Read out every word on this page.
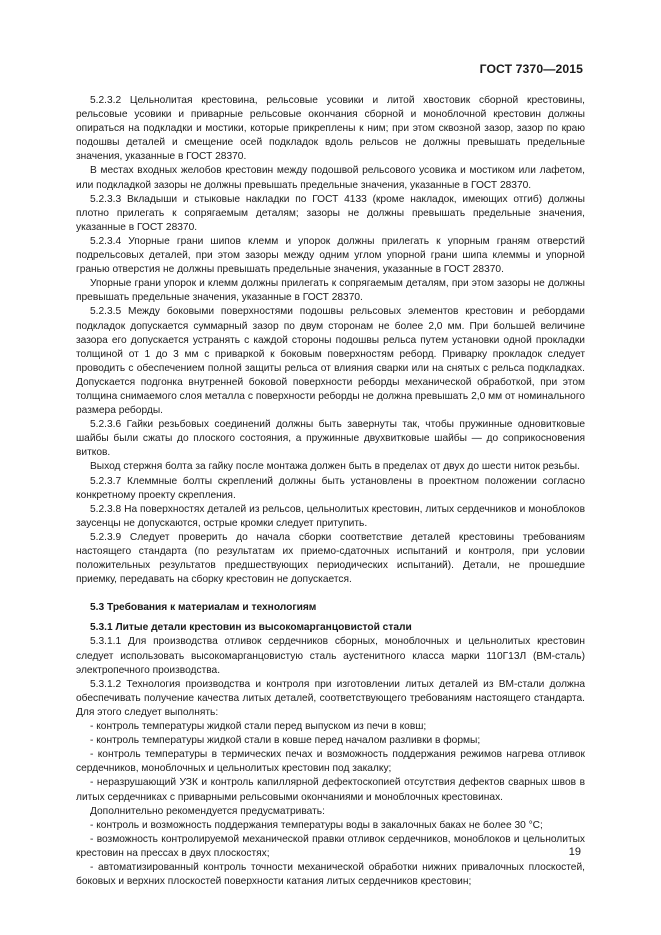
ГОСТ 7370—2015

5.2.3.2 Цельнолитая крестовина, рельсовые усовики и литой хвостовик сборной крестовины, рельсовые усовики и приварные рельсовые окончания сборной и моноблочной крестовин должны опираться на подкладки и мостики, которые прикреплены к ним; при этом сквозной зазор, зазор по краю подошвы деталей и смещение осей подкладок вдоль рельсов не должны превышать предельные значения, указанные в ГОСТ 28370.

В местах входных желобов крестовин между подошвой рельсового усовика и мостиком или лафетом, или подкладкой зазоры не должны превышать предельные значения, указанные в ГОСТ 28370.

5.2.3.3 Вкладыши и стыковые накладки по ГОСТ 4133 (кроме накладок, имеющих отгиб) должны плотно прилегать к сопрягаемым деталям; зазоры не должны превышать предельные значения, указанные в ГОСТ 28370.

5.2.3.4 Упорные грани шипов клемм и упорок должны прилегать к упорным граням отверстий подрельсовых деталей, при этом зазоры между одним углом упорной грани шипа клеммы и упорной гранью отверстия не должны превышать предельные значения, указанные в ГОСТ 28370.

Упорные грани упорок и клемм должны прилегать к сопрягаемым деталям, при этом зазоры не должны превышать предельные значения, указанные в ГОСТ 28370.

5.2.3.5 Между боковыми поверхностями подошвы рельсовых элементов крестовин и ребордами подкладок допускается суммарный зазор по двум сторонам не более 2,0 мм. При большей величине зазора его допускается устранять с каждой стороны подошвы рельса путем установки одной прокладки толщиной от 1 до 3 мм с приваркой к боковым поверхностям реборд. Приварку прокладок следует проводить с обеспечением полной защиты рельса от влияния сварки или на снятых с рельса подкладках. Допускается подгонка внутренней боковой поверхности реборды механической обработкой, при этом толщина снимаемого слоя металла с поверхности реборды не должна превышать 2,0 мм от номинального размера реборды.

5.2.3.6 Гайки резьбовых соединений должны быть завернуты так, чтобы пружинные одновитковые шайбы были сжаты до плоского состояния, а пружинные двухвитковые шайбы — до соприкосновения витков.

Выход стержня болта за гайку после монтажа должен быть в пределах от двух до шести ниток резьбы.

5.2.3.7 Клеммные болты скреплений должны быть установлены в проектном положении согласно конкретному проекту скрепления.

5.2.3.8 На поверхностях деталей из рельсов, цельнолитых крестовин, литых сердечников и моноблоков заусенцы не допускаются, острые кромки следует притупить.

5.2.3.9 Следует проверить до начала сборки соответствие деталей крестовины требованиям настоящего стандарта (по результатам их приемо-сдаточных испытаний и контроля, при условии положительных результатов предшествующих периодических испытаний). Детали, не прошедшие приемку, передавать на сборку крестовин не допускается.

5.3 Требования к материалам и технологиям
5.3.1 Литые детали крестовин из высокомарганцовистой стали

5.3.1.1 Для производства отливок сердечников сборных, моноблочных и цельнолитых крестовин следует использовать высокомарганцовистую сталь аустенитного класса марки 110Г13Л (ВМ-сталь) электропечного производства.

5.3.1.2 Технология производства и контроля при изготовлении литых деталей из ВМ-стали должна обеспечивать получение качества литых деталей, соответствующего требованиям настоящего стандарта. Для этого следует выполнять:

- контроль температуры жидкой стали перед выпуском из печи в ковш;

- контроль температуры жидкой стали в ковше перед началом разливки в формы;

- контроль температуры в термических печах и возможность поддержания режимов нагрева отливок сердечников, моноблочных и цельнолитых крестовин под закалку;

- неразрушающий УЗК и контроль капиллярной дефектоскопией отсутствия дефектов сварных швов в литых сердечниках с приварными рельсовыми окончаниями и моноблочных крестовинах.

Дополнительно рекомендуется предусматривать:

- контроль и возможность поддержания температуры воды в закалочных баках не более 30 °С;

- возможность контролируемой механической правки отливок сердечников, моноблоков и цельнолитых крестовин на прессах в двух плоскостях;

- автоматизированный контроль точности механической обработки нижних привалочных плоскостей, боковых и верхних плоскостей поверхности катания литых сердечников крестовин;

19
